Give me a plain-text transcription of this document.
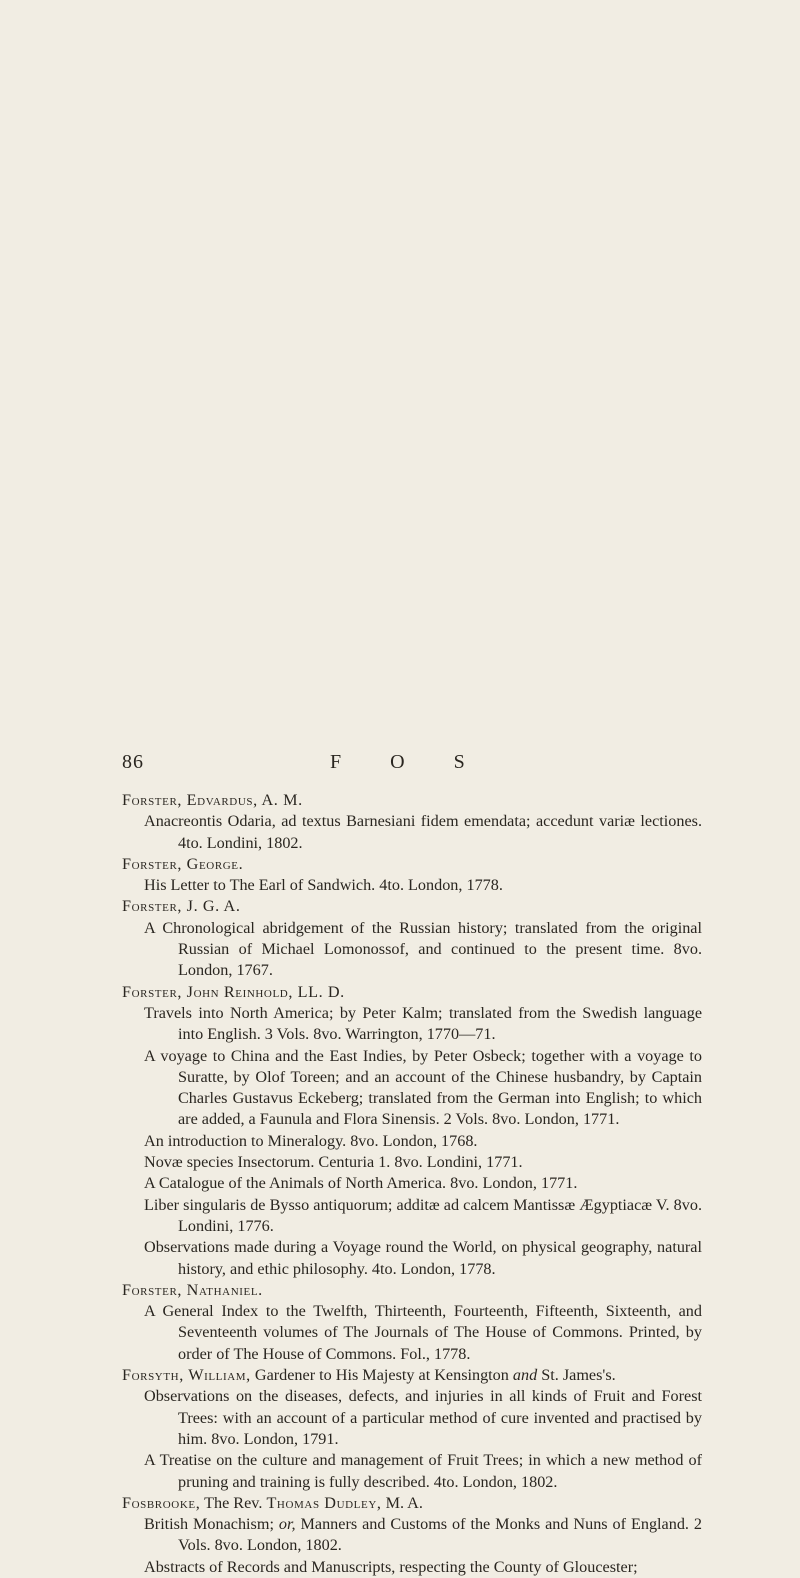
86	F O S
Forster, Edvardus, A. M.
Anacreontis Odaria, ad textus Barnesiani fidem emendata; accedunt variæ lectiones. 4to. Londini, 1802.
Forster, George.
His Letter to The Earl of Sandwich. 4to. London, 1778.
Forster, J. G. A.
A Chronological abridgement of the Russian history; translated from the original Russian of Michael Lomonossof, and continued to the present time. 8vo. London, 1767.
Forster, John Reinhold, LL. D.
Travels into North America; by Peter Kalm; translated from the Swedish language into English. 3 Vols. 8vo. Warrington, 1770—71.
A voyage to China and the East Indies, by Peter Osbeck; together with a voyage to Suratte, by Olof Toreen; and an account of the Chinese husbandry, by Captain Charles Gustavus Eckeberg; translated from the German into English; to which are added, a Faunula and Flora Sinensis. 2 Vols. 8vo. London, 1771.
An introduction to Mineralogy. 8vo. London, 1768.
Novæ species Insectorum. Centuria 1. 8vo. Londini, 1771.
A Catalogue of the Animals of North America. 8vo. London, 1771.
Liber singularis de Bysso antiquorum; additæ ad calcem Mantissæ Ægyptiacæ V. 8vo. Londini, 1776.
Observations made during a Voyage round the World, on physical geography, natural history, and ethic philosophy. 4to. London, 1778.
Forster, Nathaniel.
A General Index to the Twelfth, Thirteenth, Fourteenth, Fifteenth, Sixteenth, and Seventeenth volumes of The Journals of The House of Commons. Printed, by order of The House of Commons. Fol., 1778.
Forsyth, William, Gardener to His Majesty at Kensington and St. James's.
Observations on the diseases, defects, and injuries in all kinds of Fruit and Forest Trees: with an account of a particular method of cure invented and practised by him. 8vo. London, 1791.
A Treatise on the culture and management of Fruit Trees; in which a new method of pruning and training is fully described. 4to. London, 1802.
Fosbrooke, The Rev. Thomas Dudley, M. A.
British Monachism; or, Manners and Customs of the Monks and Nuns of England. 2 Vols. 8vo. London, 1802.
Abstracts of Records and Manuscripts, respecting the County of Gloucester;
